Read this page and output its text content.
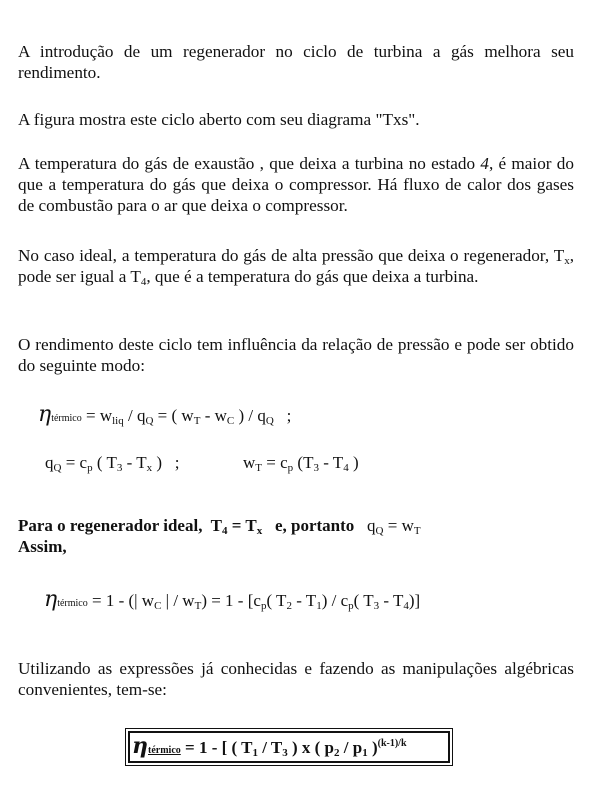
A introdução de um regenerador no ciclo de turbina a gás melhora seu rendimento.

A figura mostra este ciclo aberto com seu diagrama "Txs".

A temperatura do gás de exaustão , que deixa a turbina no estado 4, é maior do que a temperatura do gás que deixa o compressor. Há fluxo de calor dos gases de combustão para o ar que deixa o compressor.

No caso ideal, a temperatura do gás de alta pressão que deixa o regenerador, $T_x$, pode ser igual a $T_4$, que é a temperatura do gás que deixa a turbina.

O rendimento deste ciclo tem influência da relação de pressão e pode ser obtido do seguinte modo:

ηtérmico = $w_{liq} / q_Q$ = ( $w_T - w_C$ ) / $q_Q$   ;
$q_Q = c_p$ ( $T_3 - T_x$ )   ;	$w_T = c_p$ ($T_3 - T_4$ )
Para o regenerador ideal,  $T_4 = T_x$ e, portanto $q_Q = w_T$
Assim,
ηtérmico = 1 - (| $w_C$ | / $w_T) = 1 - [c_p$( $T_2 - T_1) / c_p$( $T_3 - T_4$)]

Utilizando as expressões já conhecidas e fazendo as manipulações algébricas convenientes, tem-se:

ηtérmico = 1 - [ ( $T_1 / T_3$ ) x ( $p_2 / p_1$ )$^{(k-1)/k}$
